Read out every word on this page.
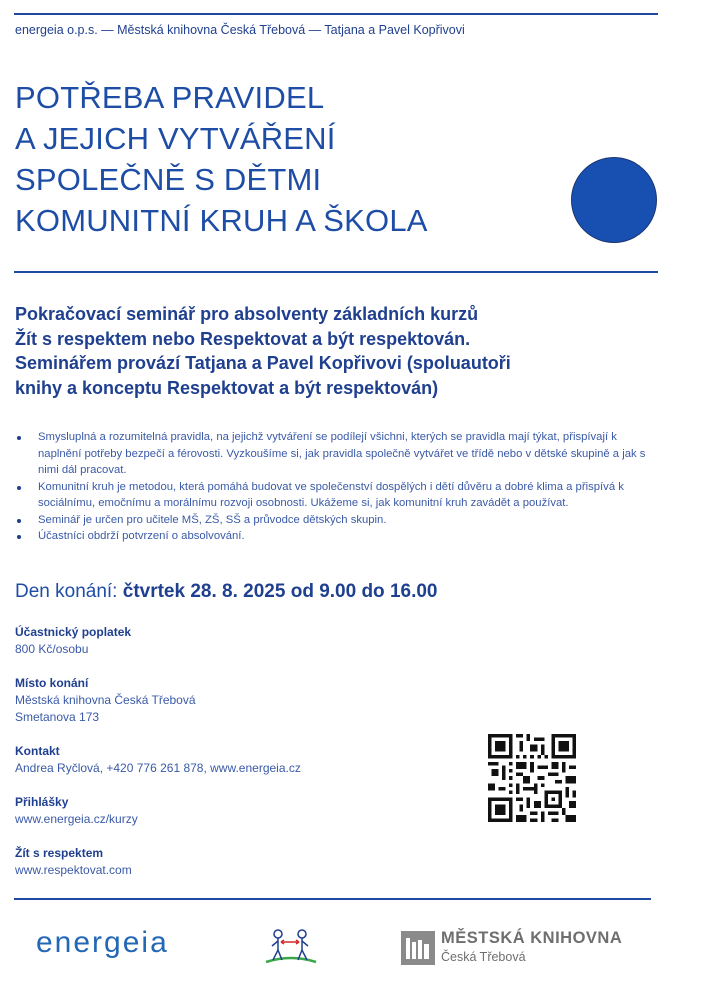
energeia o.p.s. — Městská knihovna Česká Třebová — Tatjana a Pavel Kopřivovi
POTŘEBA PRAVIDEL
A JEJICH VYTVÁŘENÍ
SPOLEČNĚ S DĚTMI
KOMUNITNÍ KRUH A ŠKOLA
Pokračovací seminář pro absolventy základních kurzů
Žít s respektem nebo Respektovat a být respektován.
Seminářem provází Tatjana a Pavel Kopřivovi (spoluautoři
knihy a konceptu Respektovat a být respektován)
Smysluplná a rozumitelná pravidla, na jejichž vytváření se podílejí všichni, kterých se pravidla mají týkat, přispívají k naplnění potřeby bezpečí a férovosti. Vyzkoušíme si, jak pravidla společně vytvářet ve třídě nebo v dětské skupině a jak s nimi dál pracovat.
Komunitní kruh je metodou, která pomáhá budovat ve společenství dospělých i dětí důvěru a dobré klima a přispívá k sociálnímu, emočnímu a morálnímu rozvoji osobnosti. Ukážeme si, jak komunitní kruh zavádět a používat.
Seminář je určen pro učitele MŠ, ZŠ, SŠ a průvodce dětských skupin.
Účastníci obdrží potvrzení o absolvování.
Den konání: čtvrtek 28. 8. 2025 od 9.00 do 16.00
Účastnický poplatek
800 Kč/osobu
Místo konání
Městská knihovna Česká Třebová
Smetanova 173
Kontakt
Andrea Ryčlová, +420 776 261 878, www.energeia.cz
Přihlášky
www.energeia.cz/kurzy
Žít s respektem
www.respektovat.com
energeia	MĚSTSKÁ KNIHOVNA
Česká Třebová
